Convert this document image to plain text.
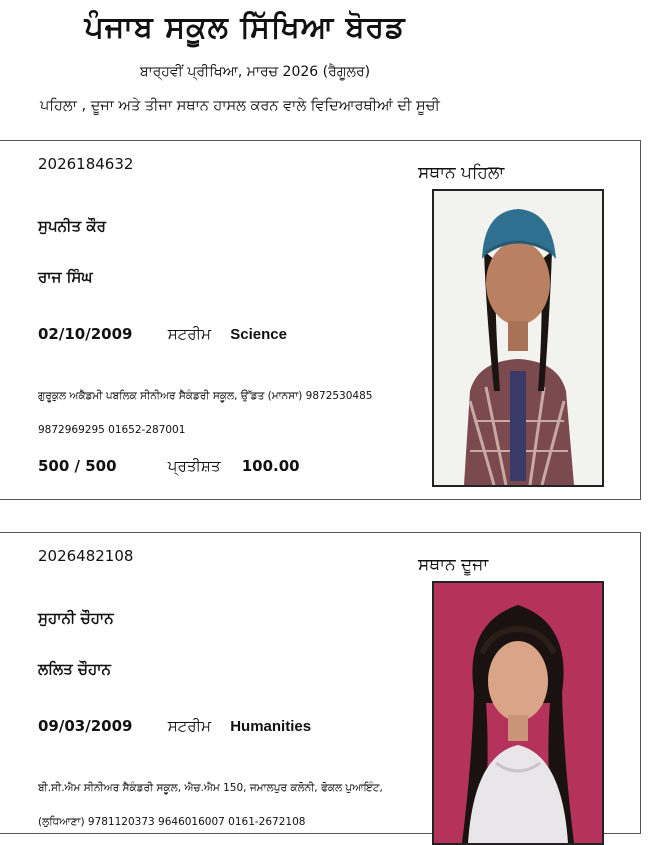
ਪੰਜਾਬ ਸਕੂਲ ਸਿੱਖਿਆ ਬੋਰਡ
ਬਾਰ੍ਹਵੀਂ ਪ੍ਰੀਖਿਆ, ਮਾਰਚ 2026 (ਰੈਗੂਲਰ)
ਪਹਿਲਾ , ਦੂਜਾ ਅਤੇ ਤੀਜਾ ਸਥਾਨ ਹਾਸਲ ਕਰਨ ਵਾਲੇ ਵਿਦਿਆਰਥੀਆਂ ਦੀ ਸੂਚੀ
2026184632	ਸਥਾਨ ਪਹਿਲਾ
ਸੁਪਨੀਤ ਕੌਰ
ਰਾਜ ਸਿੰਘ
02/10/2009 ਸਟਰੀਮ Science
ਗੁਰੂਕੁਲ ਅਕੈਡਮੀ ਪਬਲਿਕ ਸੀਨੀਅਰ ਸੈਕੰਡਰੀ ਸਕੂਲ, ਉੱਡਤ (ਮਾਨਸਾ) 9872530485
9872969295 01652-287001
500 / 500	ਪ੍ਰਤੀਸ਼ਤ 100.00
2026482108	ਸਥਾਨ ਦੂਜਾ
ਸੁਹਾਨੀ ਚੌਹਾਨ
ਲਲਿਤ ਚੌਹਾਨ
09/03/2009 ਸਟਰੀਮ Humanities
ਬੀ.ਸੀ.ਐਮ ਸੀਨੀਅਰ ਸੈਕੰਡਰੀ ਸਕੂਲ, ਐਚ.ਐਮ 150, ਜਮਾਲਪੁਰ ਕਲੋਨੀ, ਫੋਕਲ ਪੁਆਇੰਟ,
(ਲੁਧਿਆਣਾ) 9781120373 9646016007 0161-2672108
